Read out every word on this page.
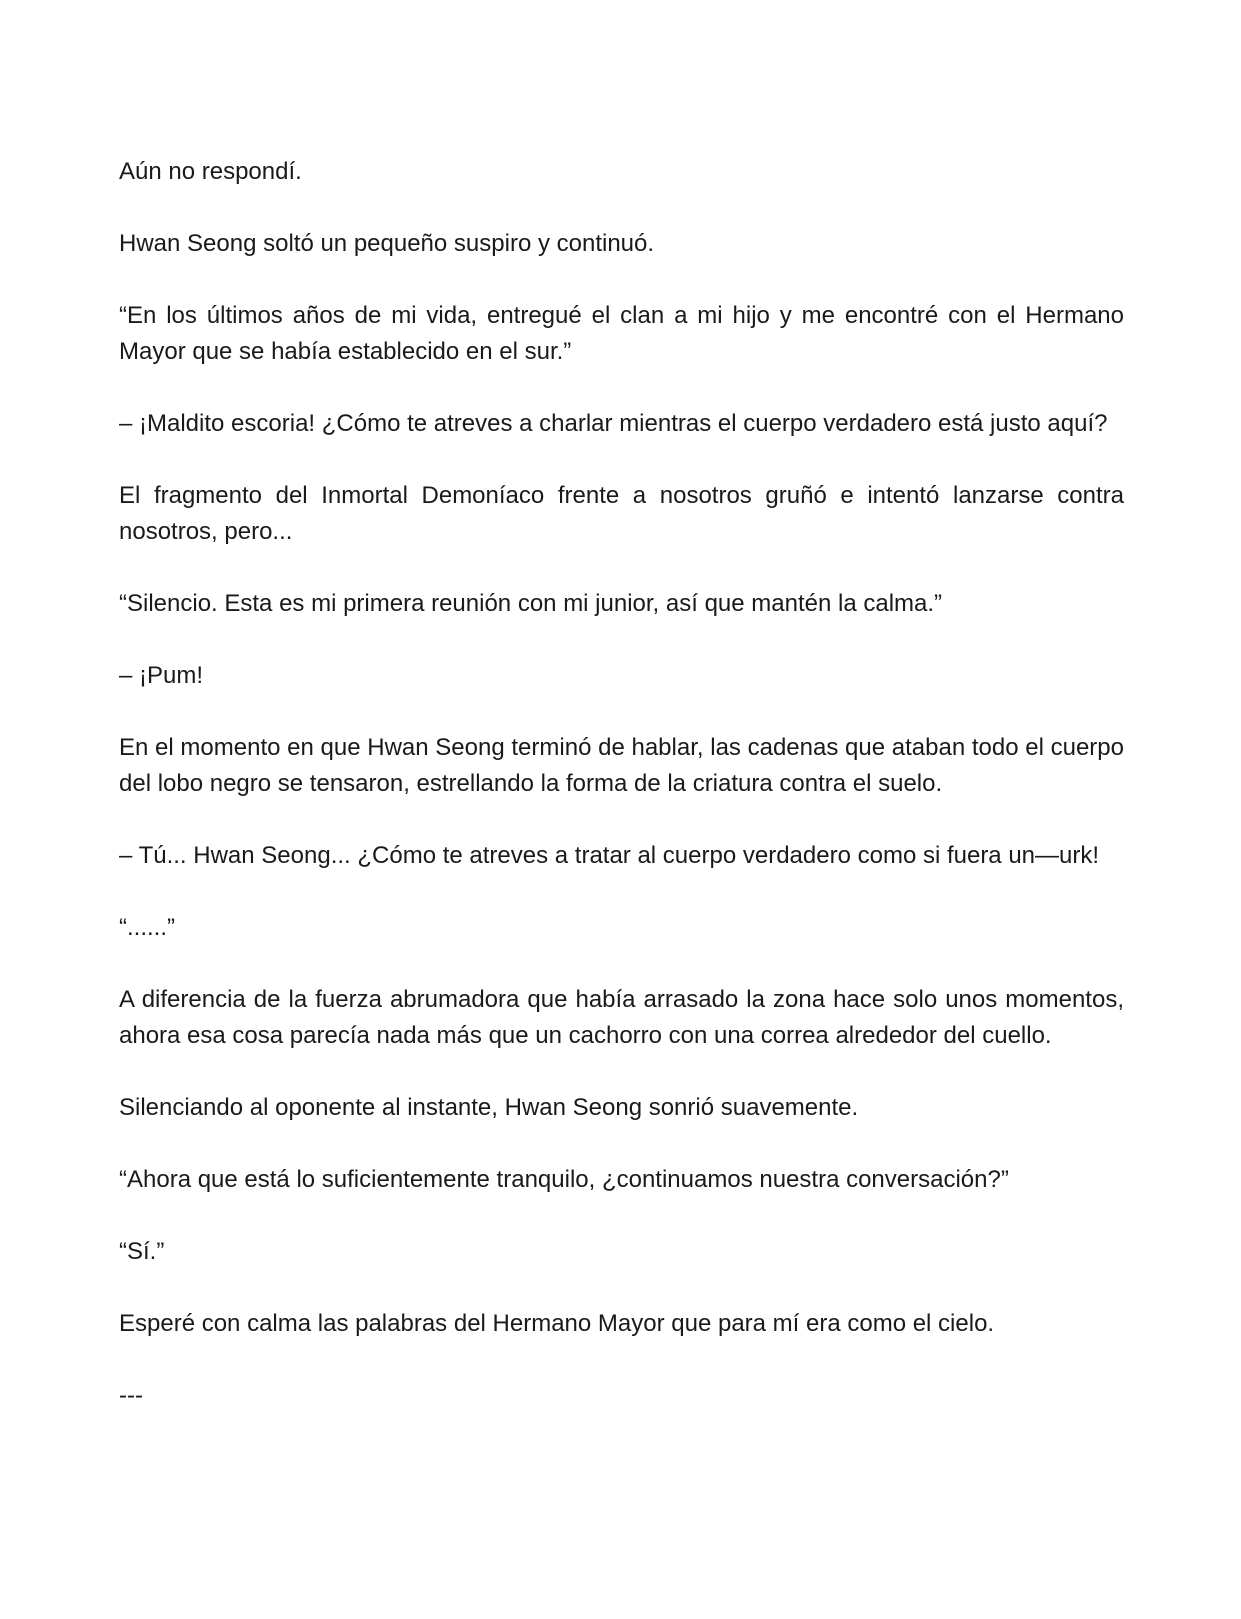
Aún no respondí.

Hwan Seong soltó un pequeño suspiro y continuó.

“En los últimos años de mi vida, entregué el clan a mi hijo y me encontré con el Hermano Mayor que se había establecido en el sur.”

– ¡Maldito escoria! ¿Cómo te atreves a charlar mientras el cuerpo verdadero está justo aquí?

El fragmento del Inmortal Demoníaco frente a nosotros gruñó e intentó lanzarse contra nosotros, pero...

“Silencio. Esta es mi primera reunión con mi junior, así que mantén la calma.”

– ¡Pum!

En el momento en que Hwan Seong terminó de hablar, las cadenas que ataban todo el cuerpo del lobo negro se tensaron, estrellando la forma de la criatura contra el suelo.

– Tú... Hwan Seong... ¿Cómo te atreves a tratar al cuerpo verdadero como si fuera un—urk!

“......”

A diferencia de la fuerza abrumadora que había arrasado la zona hace solo unos momentos, ahora esa cosa parecía nada más que un cachorro con una correa alrededor del cuello.

Silenciando al oponente al instante, Hwan Seong sonrió suavemente.

“Ahora que está lo suficientemente tranquilo, ¿continuamos nuestra conversación?”

“Sí.”

Esperé con calma las palabras del Hermano Mayor que para mí era como el cielo.

---
